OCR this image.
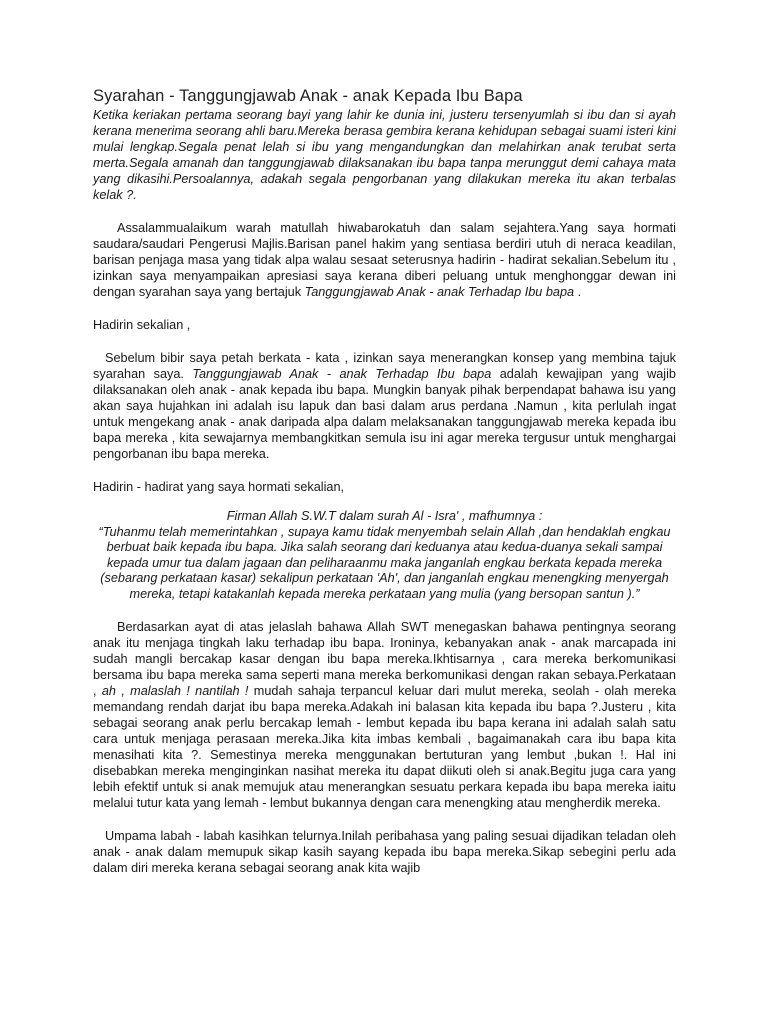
Syarahan - Tanggungjawab Anak - anak Kepada Ibu Bapa

Ketika keriakan pertama seorang bayi yang lahir ke dunia ini, justeru tersenyumlah si ibu dan si ayah kerana menerima seorang ahli baru.Mereka berasa gembira kerana kehidupan sebagai suami isteri kini mulai lengkap.Segala penat lelah si ibu yang mengandungkan dan melahirkan anak terubat serta merta.Segala amanah dan tanggungjawab dilaksanakan ibu bapa tanpa merunggut demi cahaya mata yang dikasihi.Persoalannya, adakah segala pengorbanan yang dilakukan mereka itu akan terbalas kelak ?.

Assalammualaikum warah matullah hiwabarokatuh dan salam sejahtera.Yang saya hormati saudara/saudari Pengerusi Majlis.Barisan panel hakim yang sentiasa berdiri utuh di neraca keadilan, barisan penjaga masa yang tidak alpa walau sesaat seterusnya hadirin - hadirat sekalian.Sebelum itu , izinkan saya menyampaikan apresiasi saya kerana diberi peluang untuk menghonggar dewan ini dengan syarahan saya yang bertajuk Tanggungjawab Anak - anak Terhadap Ibu bapa .

Hadirin sekalian ,

Sebelum bibir saya petah berkata - kata , izinkan saya menerangkan konsep yang membina tajuk syarahan saya. Tanggungjawab Anak - anak Terhadap Ibu bapa adalah kewajipan yang wajib dilaksanakan oleh anak - anak kepada ibu bapa. Mungkin banyak pihak berpendapat bahawa isu yang akan saya hujahkan ini adalah isu lapuk dan basi dalam arus perdana .Namun , kita perlulah ingat untuk mengekang anak - anak daripada alpa dalam melaksanakan tanggungjawab mereka kepada ibu bapa mereka , kita sewajarnya membangkitkan semula isu ini agar mereka tergusur untuk menghargai pengorbanan ibu bapa mereka.

Hadirin - hadirat yang saya hormati sekalian,

Firman Allah S.W.T dalam surah Al - Isra' , mafhumnya :
“Tuhanmu telah memerintahkan , supaya kamu tidak menyembah selain Allah ,dan hendaklah engkau berbuat baik kepada ibu bapa. Jika salah seorang dari keduanya atau kedua-duanya sekali sampai kepada umur tua dalam jagaan dan peliharaanmu maka janganlah engkau berkata kepada mereka (sebarang perkataan kasar) sekalipun perkataan 'Ah', dan janganlah engkau menengking menyergah mereka, tetapi katakanlah kepada mereka perkataan yang mulia (yang bersopan santun ).”

Berdasarkan ayat di atas jelaslah bahawa Allah SWT menegaskan bahawa pentingnya seorang anak itu menjaga tingkah laku terhadap ibu bapa. Ironinya, kebanyakan anak - anak marcapada ini sudah mangli bercakap kasar dengan ibu bapa mereka.Ikhtisarnya , cara mereka berkomunikasi bersama ibu bapa mereka sama seperti mana mereka berkomunikasi dengan rakan sebaya.Perkataan , ah , malaslah ! nantilah ! mudah sahaja terpancul keluar dari mulut mereka, seolah - olah mereka memandang rendah darjat ibu bapa mereka.Adakah ini balasan kita kepada ibu bapa ?.Justeru , kita sebagai seorang anak perlu bercakap lemah - lembut kepada ibu bapa kerana ini adalah salah satu cara untuk menjaga perasaan mereka.Jika kita imbas kembali , bagaimanakah cara ibu bapa kita menasihati kita ?. Semestinya mereka menggunakan bertuturan yang lembut ,bukan !. Hal ini disebabkan mereka menginginkan nasihat mereka itu dapat diikuti oleh si anak.Begitu juga cara yang lebih efektif untuk si anak memujuk atau menerangkan sesuatu perkara kepada ibu bapa mereka iaitu melalui tutur kata yang lemah - lembut bukannya dengan cara menengking atau mengherdik mereka.

Umpama labah - labah kasihkan telurnya.Inilah peribahasa yang paling sesuai dijadikan teladan oleh anak - anak dalam memupuk sikap kasih sayang kepada ibu bapa mereka.Sikap sebegini perlu ada dalam diri mereka kerana sebagai seorang anak kita wajib
